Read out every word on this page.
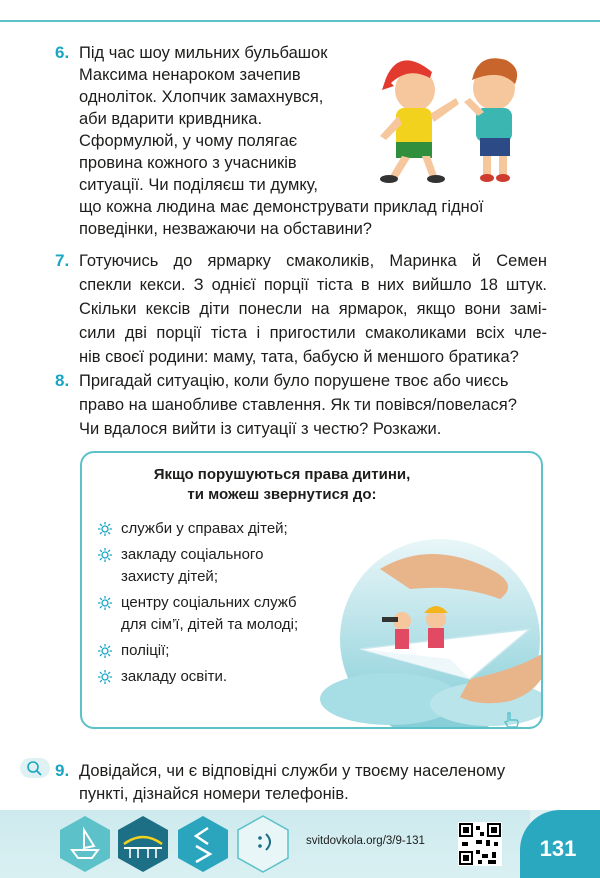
6. Під час шоу мильних бульбашок
Максима ненароком зачепив
одноліток. Хлопчик замахнувся,
аби вдарити кривдника.
Сформулюй, у чому полягає
провина кожного з учасників
ситуації. Чи поділяєш ти думку,
що кожна людина має демонструвати приклад гідної
поведінки, незважаючи на обставини?
7. Готуючись до ярмарку смаколиків, Маринка й Семен
спекли кекси. З однієї порції тіста в них вийшло 18 штук.
Скільки кексів діти понесли на ярмарок, якщо вони замі-
сили дві порції тіста і пригостили смаколиками всіх чле-
нів своєї родини: маму, тата, бабусю й меншого братика?
8. Пригадай ситуацію, коли було порушене твоє або чиєсь
право на шанобливе ставлення. Як ти повівся/повелася?
Чи вдалося вийти із ситуації з честю? Розкажи.
Якщо порушуються права дитини,
ти можеш звернутися до:
служби у справах дітей;
закладу соціального
захисту дітей;
центру соціальних служб
для сім’ї, дітей та молоді;
поліції;
закладу освіти.
9. Довідайся, чи є відповідні служби у твоєму населеному
пункті, дізнайся номери телефонів.
svitdovkola.org/3/9-131	131
